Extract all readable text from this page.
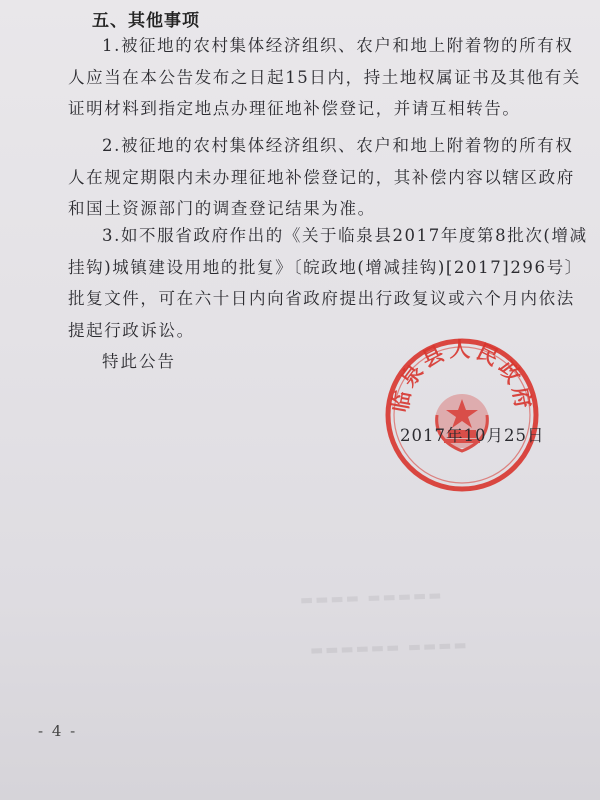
五、其他事项
1.被征地的农村集体经济组织、农户和地上附着物的所有权人应当在本公告发布之日起15日内，持土地权属证书及其他有关证明材料到指定地点办理征地补偿登记，并请互相转告。
2.被征地的农村集体经济组织、农户和地上附着物的所有权人在规定期限内未办理征地补偿登记的，其补偿内容以辖区政府和国土资源部门的调查登记结果为准。
3.如不服省政府作出的《关于临泉县2017年度第8批次(增减挂钩)城镇建设用地的批复》〔皖政地(增减挂钩)[2017]296号〕批复文件，可在六十日内向省政府提出行政复议或六个月内依法提起行政诉讼。
特此公告
▬▬▬▬ ▬▬▬▬▬
▬▬▬▬▬▬ ▬▬▬▬
临泉县人民政府
2017年10月25日
- 4 -
